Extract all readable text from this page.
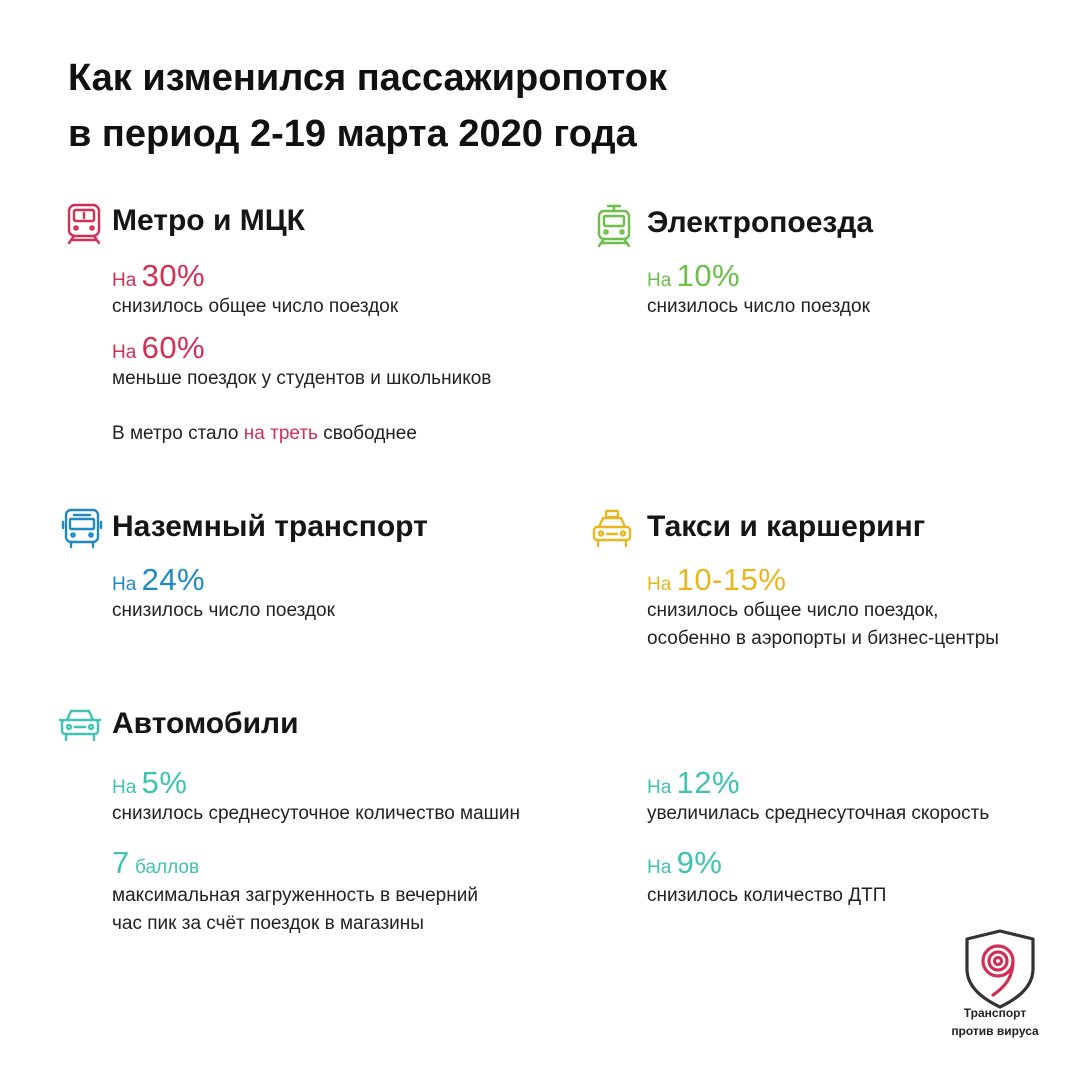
Как изменился пассажиропоток
в период 2-19 марта 2020 года
Метро и МЦК
На 30%
снизилось общее число поездок
На 60%
меньше поездок у студентов и школьников
В метро стало на треть свободнее
Электропоезда
На 10%
снизилось число поездок
Наземный транспорт
На 24%
снизилось число поездок
Такси и каршеринг
На 10-15%
снизилось общее число поездок,
особенно в аэропорты и бизнес-центры
Автомобили
На 5%
снизилось среднесуточное количество машин
7 баллов
максимальная загруженность в вечерний
час пик за счёт поездок в магазины
На 12%
увеличилась среднесуточная скорость
На 9%
снизилось количество ДТП
Транспорт
против вируса
